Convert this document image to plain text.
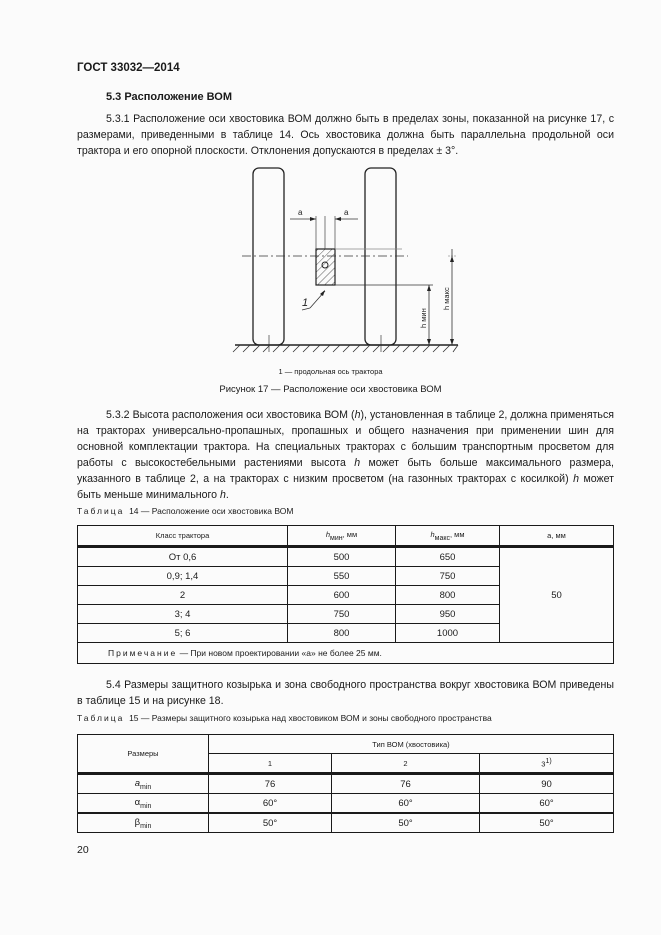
ГОСТ 33032—2014
5.3 Расположение ВОМ

5.3.1 Расположение оси хвостовика ВОМ должно быть в пределах зоны, показанной на рисунке 17, с размерами, приведенными в таблице 14. Ось хвостовика должна быть параллельна продольной оси трактора и его опорной плоскости. Отклонения допускаются в пределах ± 3°.

a	a
h мин
h макс
1
1 — продольная ось трактора
Рисунок 17 — Расположение оси хвостовика ВОМ

5.3.2 Высота расположения оси хвостовика ВОМ (h), установленная в таблице 2, должна применяться на тракторах универсально-пропашных, пропашных и общего назначения при применении шин для основной комплектации трактора. На специальных тракторах с большим транспортным просветом для работы с высокостебельными растениями высота h может быть больше максимального размера, указанного в таблице 2, а на тракторах с низким просветом (на газонных тракторах с косилкой) h может быть меньше минимального h.

Таблица 14 — Расположение оси хвостовика ВОМ
Класс трактора	$h_{мин}$, мм	$h_{макс}$, мм	a, мм
От 0,6	500	650	50
0,9; 1,4	550	750	
2	600	800	
3; 4	750	950	
5; 6	800	1000	
Примечание — При новом проектировании «a» не более 25 мм.			

5.4 Размеры защитного козырька и зона свободного пространства вокруг хвостовика ВОМ приведены в таблице 15 и на рисунке 18.

Таблица 15 — Размеры защитного козырька над хвостовиком ВОМ и зоны свободного пространства
Размеры	Тип ВОМ (хвостовика)		
	1	2	3$^{1)}$
$a_{min}$	76	76	90
$\alpha_{min}$	60°	60°	60°
$\beta_{min}$	50°	50°	50°
20
